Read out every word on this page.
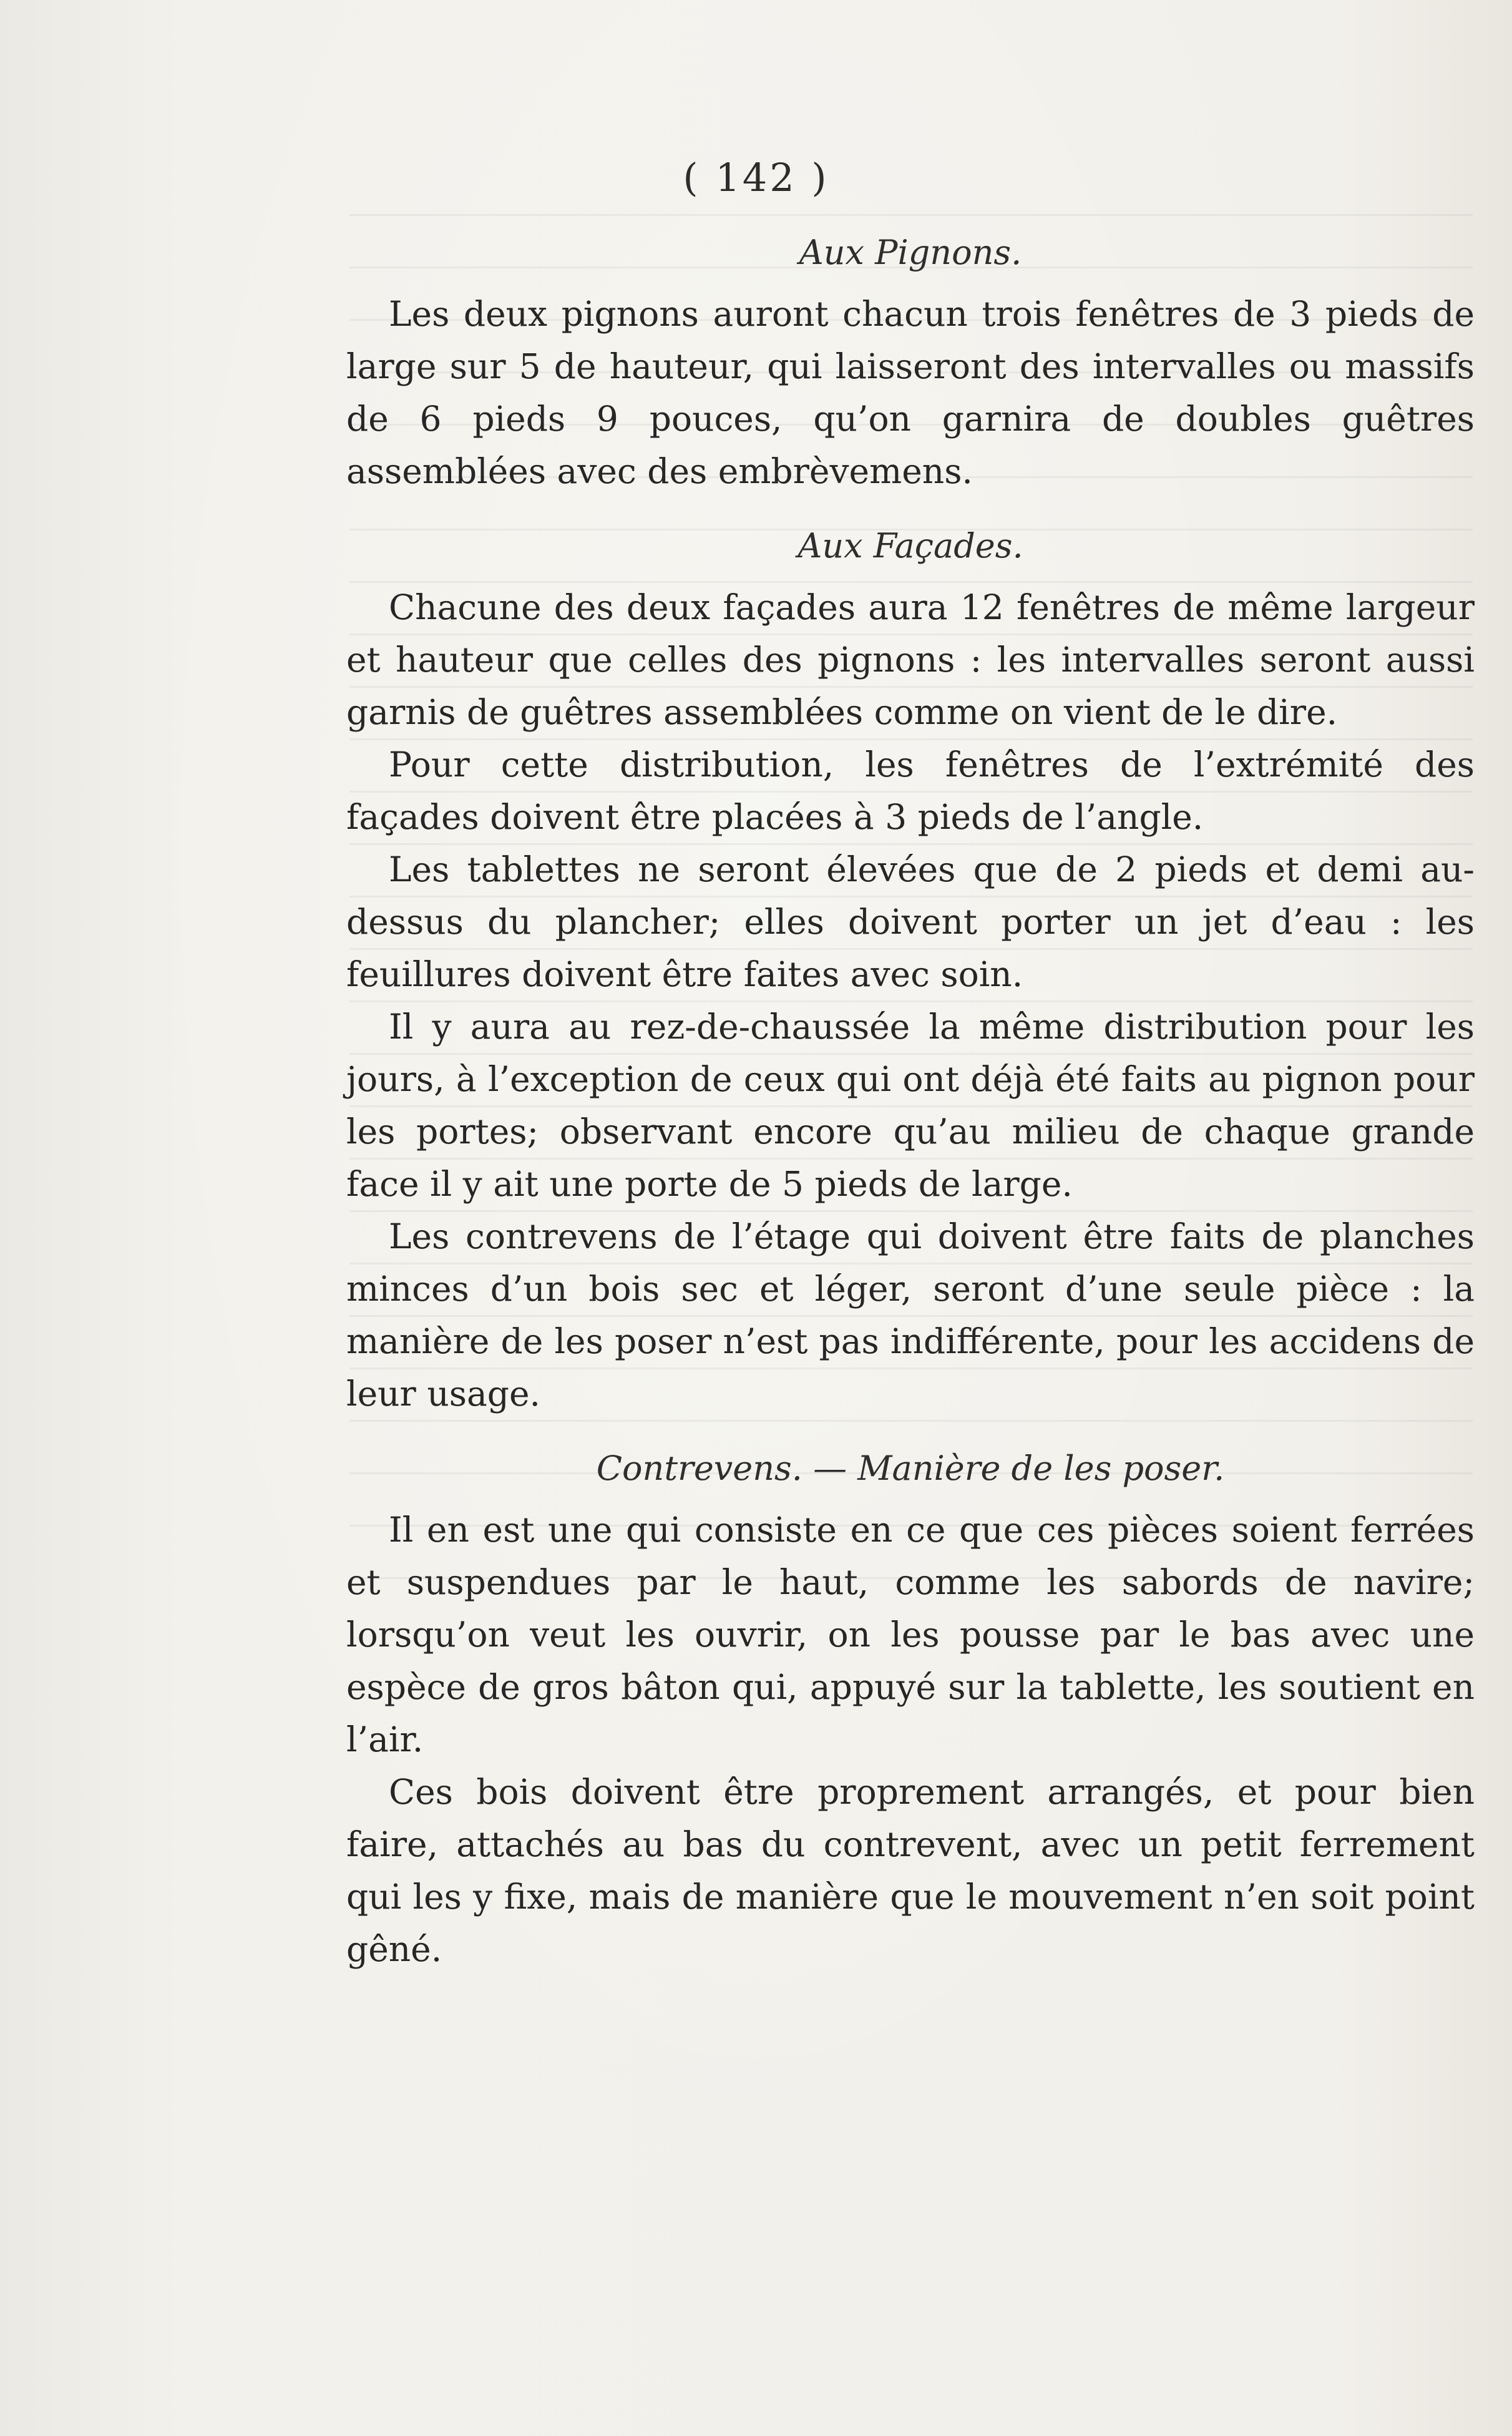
( 142 )
Aux Pignons.

Les deux pignons auront chacun trois fenêtres de 3 pieds de large sur 5 de hauteur, qui laisseront des intervalles ou massifs de 6 pieds 9 pouces, qu’on garnira de doubles guêtres assemblées avec des embrèvemens.

Aux Façades.

Chacune des deux façades aura 12 fenêtres de même largeur et hauteur que celles des pignons : les intervalles seront aussi garnis de guêtres assemblées comme on vient de le dire.

Pour cette distribution, les fenêtres de l’extrémité des façades doivent être placées à 3 pieds de l’angle.

Les tablettes ne seront élevées que de 2 pieds et demi au-dessus du plancher; elles doivent porter un jet d’eau : les feuillures doivent être faites avec soin.

Il y aura au rez-de-chaussée la même distribution pour les jours, à l’exception de ceux qui ont déjà été faits au pignon pour les portes; observant encore qu’au milieu de chaque grande face il y ait une porte de 5 pieds de large.

Les contrevens de l’étage qui doivent être faits de planches minces d’un bois sec et léger, seront d’une seule pièce : la manière de les poser n’est pas indifférente, pour les accidens de leur usage.

Contrevens. — Manière de les poser.

Il en est une qui consiste en ce que ces pièces soient ferrées et suspendues par le haut, comme les sabords de navire; lorsqu’on veut les ouvrir, on les pousse par le bas avec une espèce de gros bâton qui, appuyé sur la tablette, les soutient en l’air.

Ces bois doivent être proprement arrangés, et pour bien faire, attachés au bas du contrevent, avec un petit ferrement qui les y fixe, mais de manière que le mouvement n’en soit point gêné.
